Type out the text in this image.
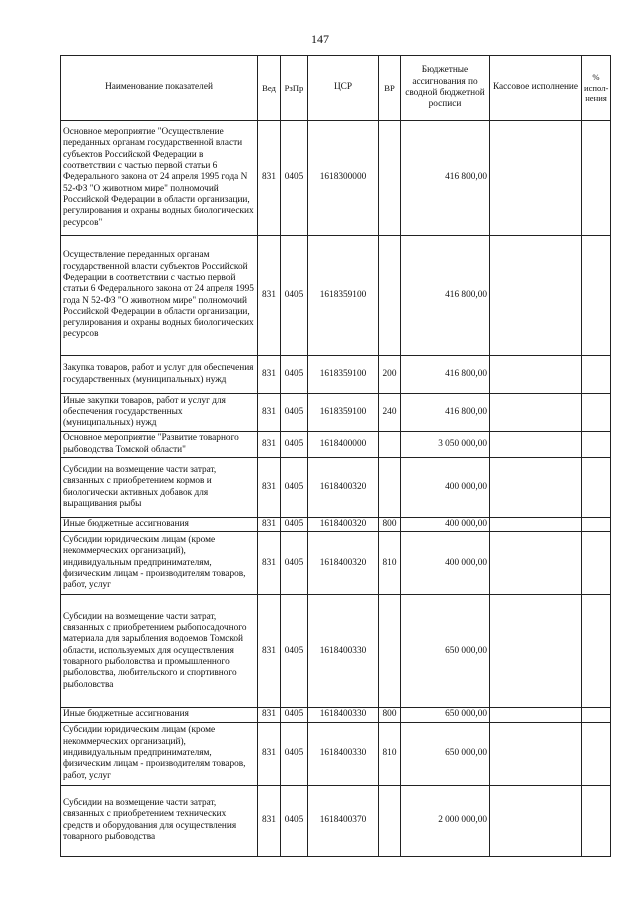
147
Наименование показателей	Вед	РзПр	ЦСР	ВР	Бюджетные ассигнования по сводной бюджетной росписи	Кассовое исполнение	% испол-нения
Основное мероприятие "Осуществление переданных органам государственной власти субъектов Российской Федерации в соответствии с частью первой статьи 6 Федерального закона от 24 апреля 1995 года N 52-ФЗ "О животном мире" полномочий Российской Федерации в области организации, регулирования и охраны водных биологических ресурсов"	831	0405	1618300000		416 800,00		
Осуществление переданных органам государственной власти субъектов Российской Федерации в соответствии с частью первой статьи 6 Федерального закона от 24 апреля 1995 года N 52-ФЗ "О животном мире" полномочий Российской Федерации в области организации, регулирования и охраны водных биологических ресурсов	831	0405	1618359100		416 800,00		
Закупка товаров, работ и услуг для обеспечения государственных (муниципальных) нужд	831	0405	1618359100	200	416 800,00		
Иные закупки товаров, работ и услуг для обеспечения государственных (муниципальных) нужд	831	0405	1618359100	240	416 800,00		
Основное мероприятие "Развитие товарного рыбоводства Томской области"	831	0405	1618400000		3 050 000,00		
Субсидии на возмещение части затрат, связанных с приобретением кормов и биологически активных добавок для выращивания рыбы	831	0405	1618400320		400 000,00		
Иные бюджетные ассигнования	831	0405	1618400320	800	400 000,00		
Субсидии юридическим лицам (кроме некоммерческих организаций), индивидуальным предпринимателям, физическим лицам - производителям товаров, работ, услуг	831	0405	1618400320	810	400 000,00		
Субсидии на возмещение части затрат, связанных с приобретением рыбопосадочного материала для зарыбления водоемов Томской области, используемых для осуществления товарного рыболовства и промышленного рыболовства, любительского и спортивного рыболовства	831	0405	1618400330		650 000,00		
Иные бюджетные ассигнования	831	0405	1618400330	800	650 000,00		
Субсидии юридическим лицам (кроме некоммерческих организаций), индивидуальным предпринимателям, физическим лицам - производителям товаров, работ, услуг	831	0405	1618400330	810	650 000,00		
Субсидии на возмещение части затрат, связанных с приобретением технических средств и оборудования для осуществления товарного рыбоводства	831	0405	1618400370		2 000 000,00		
